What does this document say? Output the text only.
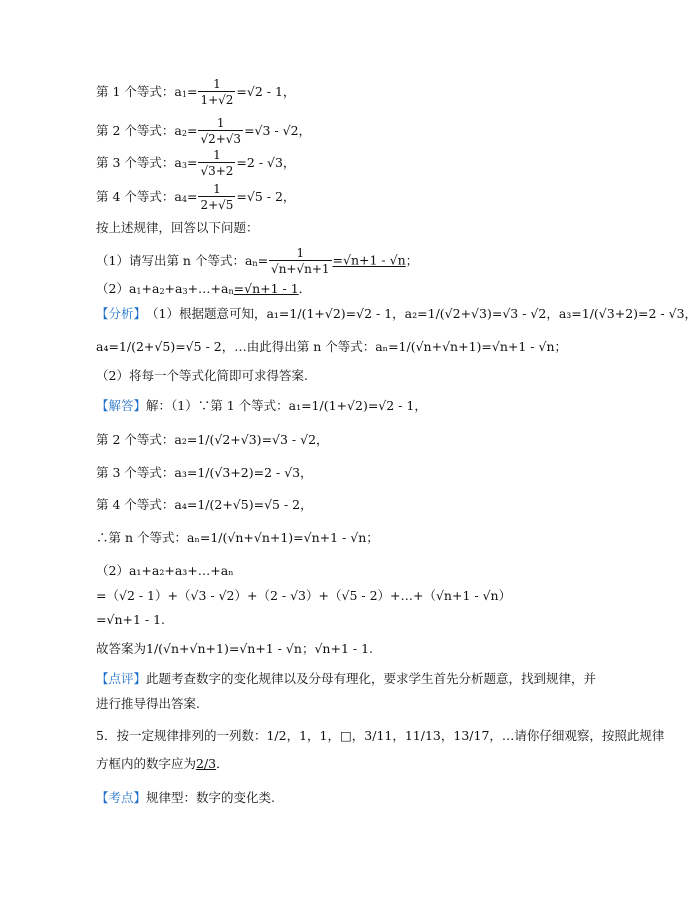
第 1 个等式：a $1 = \frac{1}{1+√2} =√2 - 1$，
第 2 个等式：a $2 = \frac{1}{√2+√3} =√3 - √2$，
第 3 个等式：a $3 = \frac{1}{√3+2} =2 - √3$，
第 4 个等式：a $4 = \frac{1}{2+√5} =√5 - 2$，
按上述规律，回答以下问题：
（1）请写出第 n 个等式：a $n = \frac{1}{√n+√n+1} =√n+1 - √n$ ；
（2）a 1 +a 2 +a 3 +…+a n =√n+1 - 1 ．
【分析】 （1）根据题意可知，a₁=1/(1+√2)=√2 - 1，a₂=1/(√2+√3)=√3 - √2，a₃=1/(√3+2)=2 - √3，
a₄=1/(2+√5)=√5 - 2，…由此得出第 n 个等式：aₙ=1/(√n+√n+1)=√n+1 - √n；
（2）将每一个等式化简即可求得答案.
【解答】 解：（1）∵第 1 个等式：a₁=1/(1+√2)=√2 - 1，
第 2 个等式：a₂=1/(√2+√3)=√3 - √2，
第 3 个等式：a₃=1/(√3+2)=2 - √3，
第 4 个等式：a₄=1/(2+√5)=√5 - 2，
∴第 n 个等式：aₙ=1/(√n+√n+1)=√n+1 - √n；
（2）a₁+a₂+a₃+…+aₙ
=（√2 - 1）+（√3 - √2）+（2 - √3）+（√5 - 2）+…+（√n+1 - √n）
=√n+1 - 1.
故答案为1/(√n+√n+1)=√n+1 - √n；√n+1 - 1.
【点评】 此题考查数字的变化规律以及分母有理化，要求学生首先分析题意，找到规律，并
进行推导得出答案.
5．按一定规律排列的一列数：1/2，1，1，□，3/11，11/13，13/17，…请你仔细观察，按照此规律
方框内的数字应为 2/3 ．
【考点】 规律型：数字的变化类.
